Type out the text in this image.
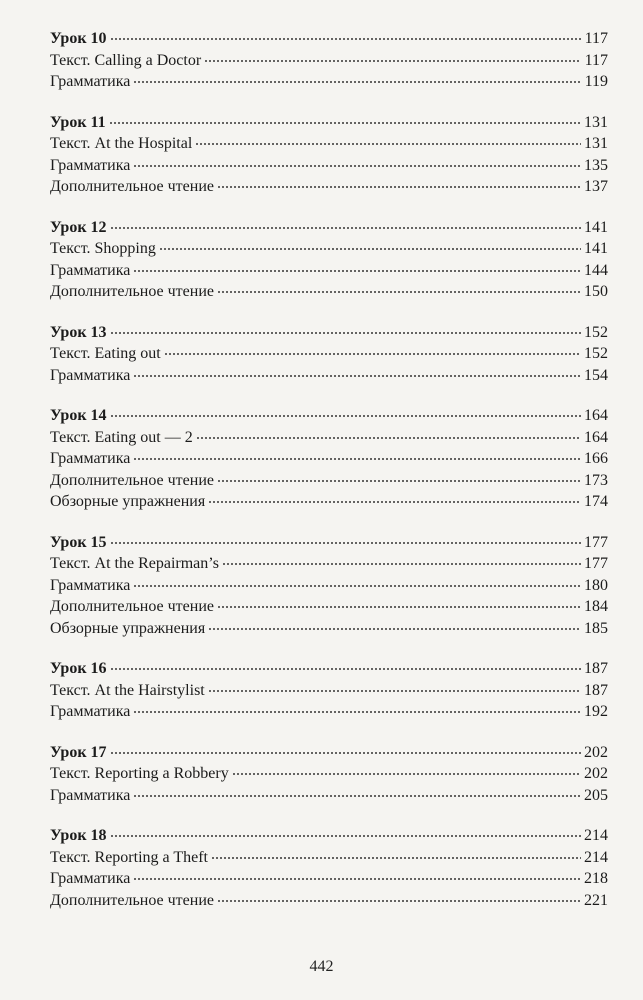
Урок 10	117
Текст. Calling a Doctor	117
Грамматика	119
Урок 11	131
Текст. At the Hospital	131
Грамматика	135
Дополнительное чтение	137
Урок 12	141
Текст. Shopping	141
Грамматика	144
Дополнительное чтение	150
Урок 13	152
Текст. Eating out	152
Грамматика	154
Урок 14	164
Текст. Eating out — 2	164
Грамматика	166
Дополнительное чтение	173
Обзорные упражнения	174
Урок 15	177
Текст. At the Repairman’s	177
Грамматика	180
Дополнительное чтение	184
Обзорные упражнения	185
Урок 16	187
Текст. At the Hairstylist	187
Грамматика	192
Урок 17	202
Текст. Reporting a Robbery	202
Грамматика	205
Урок 18	214
Текст. Reporting a Theft	214
Грамматика	218
Дополнительное чтение	221
442
